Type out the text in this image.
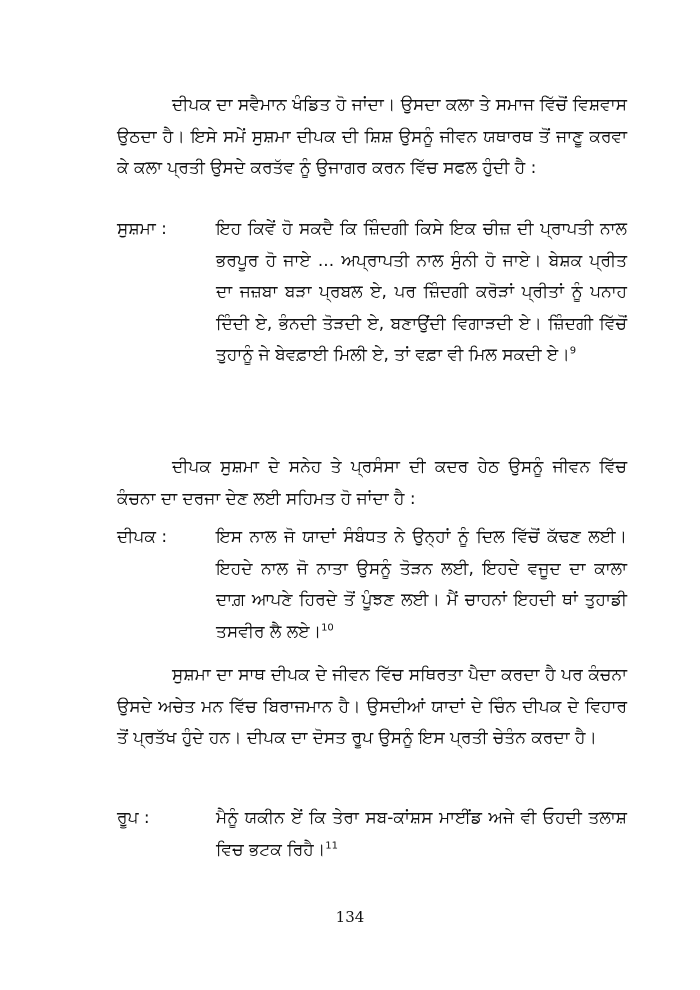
ਦੀਪਕ ਦਾ ਸਵੈਮਾਨ ਖੰਡਿਤ ਹੋ ਜਾਂਦਾ। ਉਸਦਾ ਕਲਾ ਤੇ ਸਮਾਜ ਵਿੱਚੋਂ ਵਿਸ਼ਵਾਸ ਉਠਦਾ ਹੈ। ਇਸੇ ਸਮੇਂ ਸੁਸ਼ਮਾ ਦੀਪਕ ਦੀ ਸ਼ਿਸ਼ ਉਸਨੂੰ ਜੀਵਨ ਯਥਾਰਥ ਤੋਂ ਜਾਣੂ ਕਰਵਾ ਕੇ ਕਲਾ ਪ੍ਰਤੀ ਉਸਦੇ ਕਰਤੱਵ ਨੂੰ ਉਜਾਗਰ ਕਰਨ ਵਿੱਚ ਸਫਲ ਹੁੰਦੀ ਹੈ :

ਸੁਸ਼ਮਾ :	ਇਹ ਕਿਵੇਂ ਹੋ ਸਕਦੈ ਕਿ ਜ਼ਿੰਦਗੀ ਕਿਸੇ ਇਕ ਚੀਜ਼ ਦੀ ਪ੍ਰਾਪਤੀ ਨਾਲ ਭਰਪੂਰ ਹੋ ਜਾਏ ... ਅਪ੍ਰਾਪਤੀ ਨਾਲ ਸੁੰਨੀ ਹੋ ਜਾਏ। ਬੇਸ਼ਕ ਪ੍ਰੀਤ ਦਾ ਜਜ਼ਬਾ ਬੜਾ ਪ੍ਰਬਲ ਏ, ਪਰ ਜ਼ਿੰਦਗੀ ਕਰੋੜਾਂ ਪ੍ਰੀਤਾਂ ਨੂੰ ਪਨਾਹ ਦਿੰਦੀ ਏ, ਭੰਨਦੀ ਤੋੜਦੀ ਏ, ਬਣਾਉਂਦੀ ਵਿਗਾੜਦੀ ਏ। ਜ਼ਿੰਦਗੀ ਵਿੱਚੋਂ ਤੁਹਾਨੂੰ ਜੇ ਬੇਵਫ਼ਾਈ ਮਿਲੀ ਏ, ਤਾਂ ਵਫ਼ਾ ਵੀ ਮਿਲ ਸਕਦੀ ਏ।$^9$

ਦੀਪਕ ਸੁਸ਼ਮਾ ਦੇ ਸਨੇਹ ਤੇ ਪ੍ਰਸੰਸਾ ਦੀ ਕਦਰ ਹੇਠ ਉਸਨੂੰ ਜੀਵਨ ਵਿੱਚ ਕੰਚਨਾ ਦਾ ਦਰਜਾ ਦੇਣ ਲਈ ਸਹਿਮਤ ਹੋ ਜਾਂਦਾ ਹੈ :

ਦੀਪਕ :	ਇਸ ਨਾਲ ਜੋ ਯਾਦਾਂ ਸੰਬੰਧਤ ਨੇ ਉਨ੍ਹਾਂ ਨੂੰ ਦਿਲ ਵਿੱਚੋਂ ਕੱਢਣ ਲਈ। ਇਹਦੇ ਨਾਲ ਜੋ ਨਾਤਾ ਉਸਨੂੰ ਤੋੜਨ ਲਈ, ਇਹਦੇ ਵਜੂਦ ਦਾ ਕਾਲਾ ਦਾਗ਼ ਆਪਣੇ ਹਿਰਦੇ ਤੋਂ ਪੂੰਝਣ ਲਈ। ਮੈਂ ਚਾਹਨਾਂ ਇਹਦੀ ਥਾਂ ਤੁਹਾਡੀ ਤਸਵੀਰ ਲੈ ਲਏ।$^{10}$

ਸੁਸ਼ਮਾ ਦਾ ਸਾਥ ਦੀਪਕ ਦੇ ਜੀਵਨ ਵਿੱਚ ਸਥਿਰਤਾ ਪੈਦਾ ਕਰਦਾ ਹੈ ਪਰ ਕੰਚਨਾ ਉਸਦੇ ਅਚੇਤ ਮਨ ਵਿੱਚ ਬਿਰਾਜਮਾਨ ਹੈ। ਉਸਦੀਆਂ ਯਾਦਾਂ ਦੇ ਚਿੰਨ ਦੀਪਕ ਦੇ ਵਿਹਾਰ ਤੋਂ ਪ੍ਰਤੱਖ ਹੁੰਦੇ ਹਨ। ਦੀਪਕ ਦਾ ਦੋਸਤ ਰੂਪ ਉਸਨੂੰ ਇਸ ਪ੍ਰਤੀ ਚੇਤੰਨ ਕਰਦਾ ਹੈ।

ਰੂਪ :	ਮੈਨੂੰ ਯਕੀਨ ਏਂ ਕਿ ਤੇਰਾ ਸਬ-ਕਾਂਸ਼ਸ ਮਾਈਂਡ ਅਜੇ ਵੀ ਓਹਦੀ ਤਲਾਸ਼ ਵਿਚ ਭਟਕ ਰਿਹੈ।$^{11}$

134
